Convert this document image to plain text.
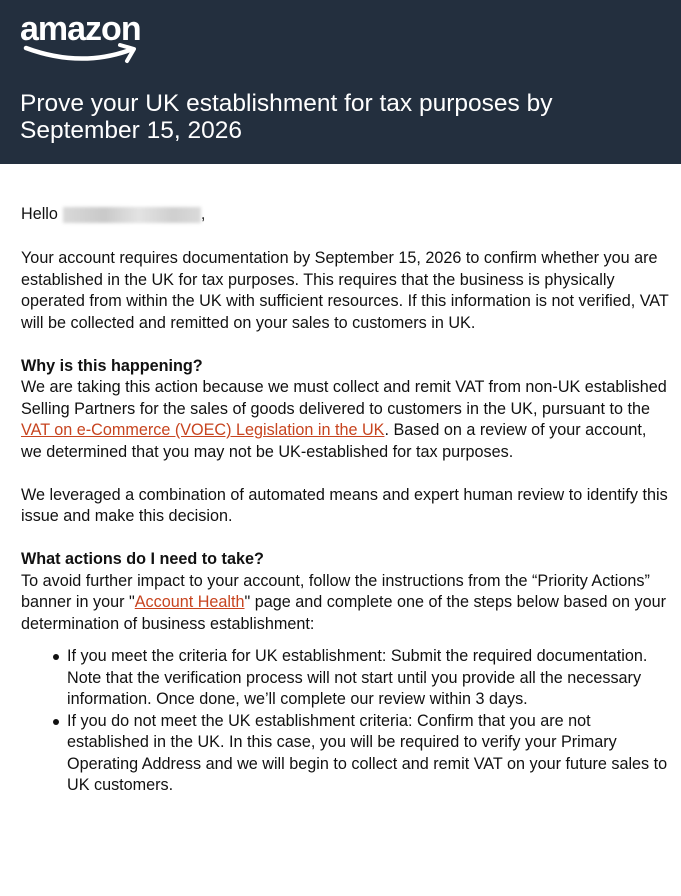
amazon
Prove your UK establishment for tax purposes by September 15, 2026
Hello	,

Your account requires documentation by September 15, 2026 to confirm whether you are established in the UK for tax purposes. This requires that the business is physically operated from within the UK with sufficient resources. If this information is not verified, VAT will be collected and remitted on your sales to customers in UK.

Why is this happening?
We are taking this action because we must collect and remit VAT from non-UK established Selling Partners for the sales of goods delivered to customers in the UK, pursuant to the VAT on e-Commerce (VOEC) Legislation in the UK. Based on a review of your account, we determined that you may not be UK-established for tax purposes.

We leveraged a combination of automated means and expert human review to identify this issue and make this decision.

What actions do I need to take?
To avoid further impact to your account, follow the instructions from the “Priority Actions” banner in your "Account Health" page and complete one of the steps below based on your determination of business establishment:

If you meet the criteria for UK establishment: Submit the required documentation. Note that the verification process will not start until you provide all the necessary information. Once done, we’ll complete our review within 3 days.
If you do not meet the UK establishment criteria: Confirm that you are not established in the UK. In this case, you will be required to verify your Primary Operating Address and we will begin to collect and remit VAT on your future sales to UK customers.
